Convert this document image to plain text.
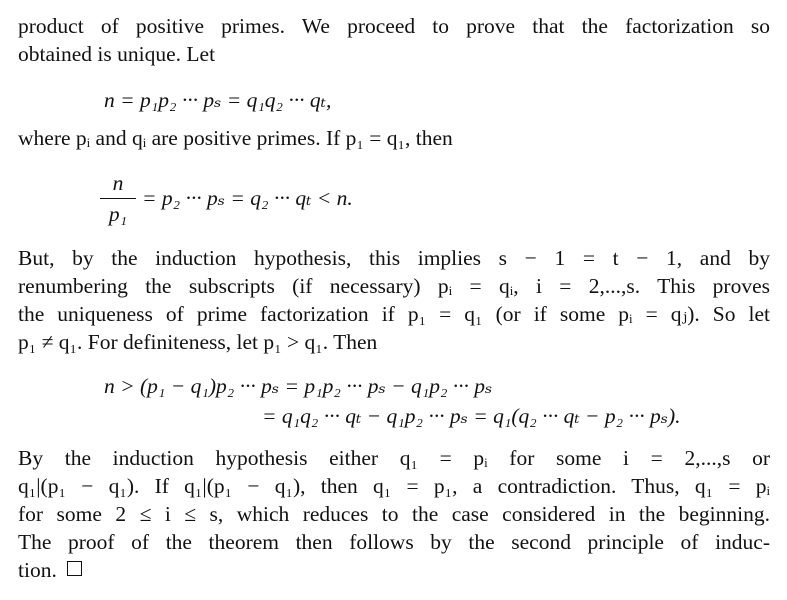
product of positive primes. We proceed to prove that the factorization so
obtained is unique. Let
n = p₁p₂ ··· pₛ = q₁q₂ ··· qₜ,
where pᵢ and qᵢ are positive primes. If p₁ = q₁, then
n
p₁
= p₂ ··· pₛ = q₂ ··· qₜ < n.
But, by the induction hypothesis, this implies s − 1 = t − 1, and by
renumbering the subscripts (if necessary) pᵢ = qᵢ, i = 2,...,s. This proves
the uniqueness of prime factorization if p₁ = q₁ (or if some pᵢ = qⱼ). So let
p₁ ≠ q₁. For definiteness, let p₁ > q₁. Then
n > (p₁ − q₁)p₂ ··· pₛ = p₁p₂ ··· pₛ − q₁p₂ ··· pₛ
= q₁q₂ ··· qₜ − q₁p₂ ··· pₛ = q₁(q₂ ··· qₜ − p₂ ··· pₛ).
By the induction hypothesis either q₁ = pᵢ for some i = 2,...,s or
q₁|(p₁ − q₁). If q₁|(p₁ − q₁), then q₁ = p₁, a contradiction. Thus, q₁ = pᵢ
for some 2 ≤ i ≤ s, which reduces to the case considered in the beginning.
The proof of the theorem then follows by the second principle of induc-
tion.
